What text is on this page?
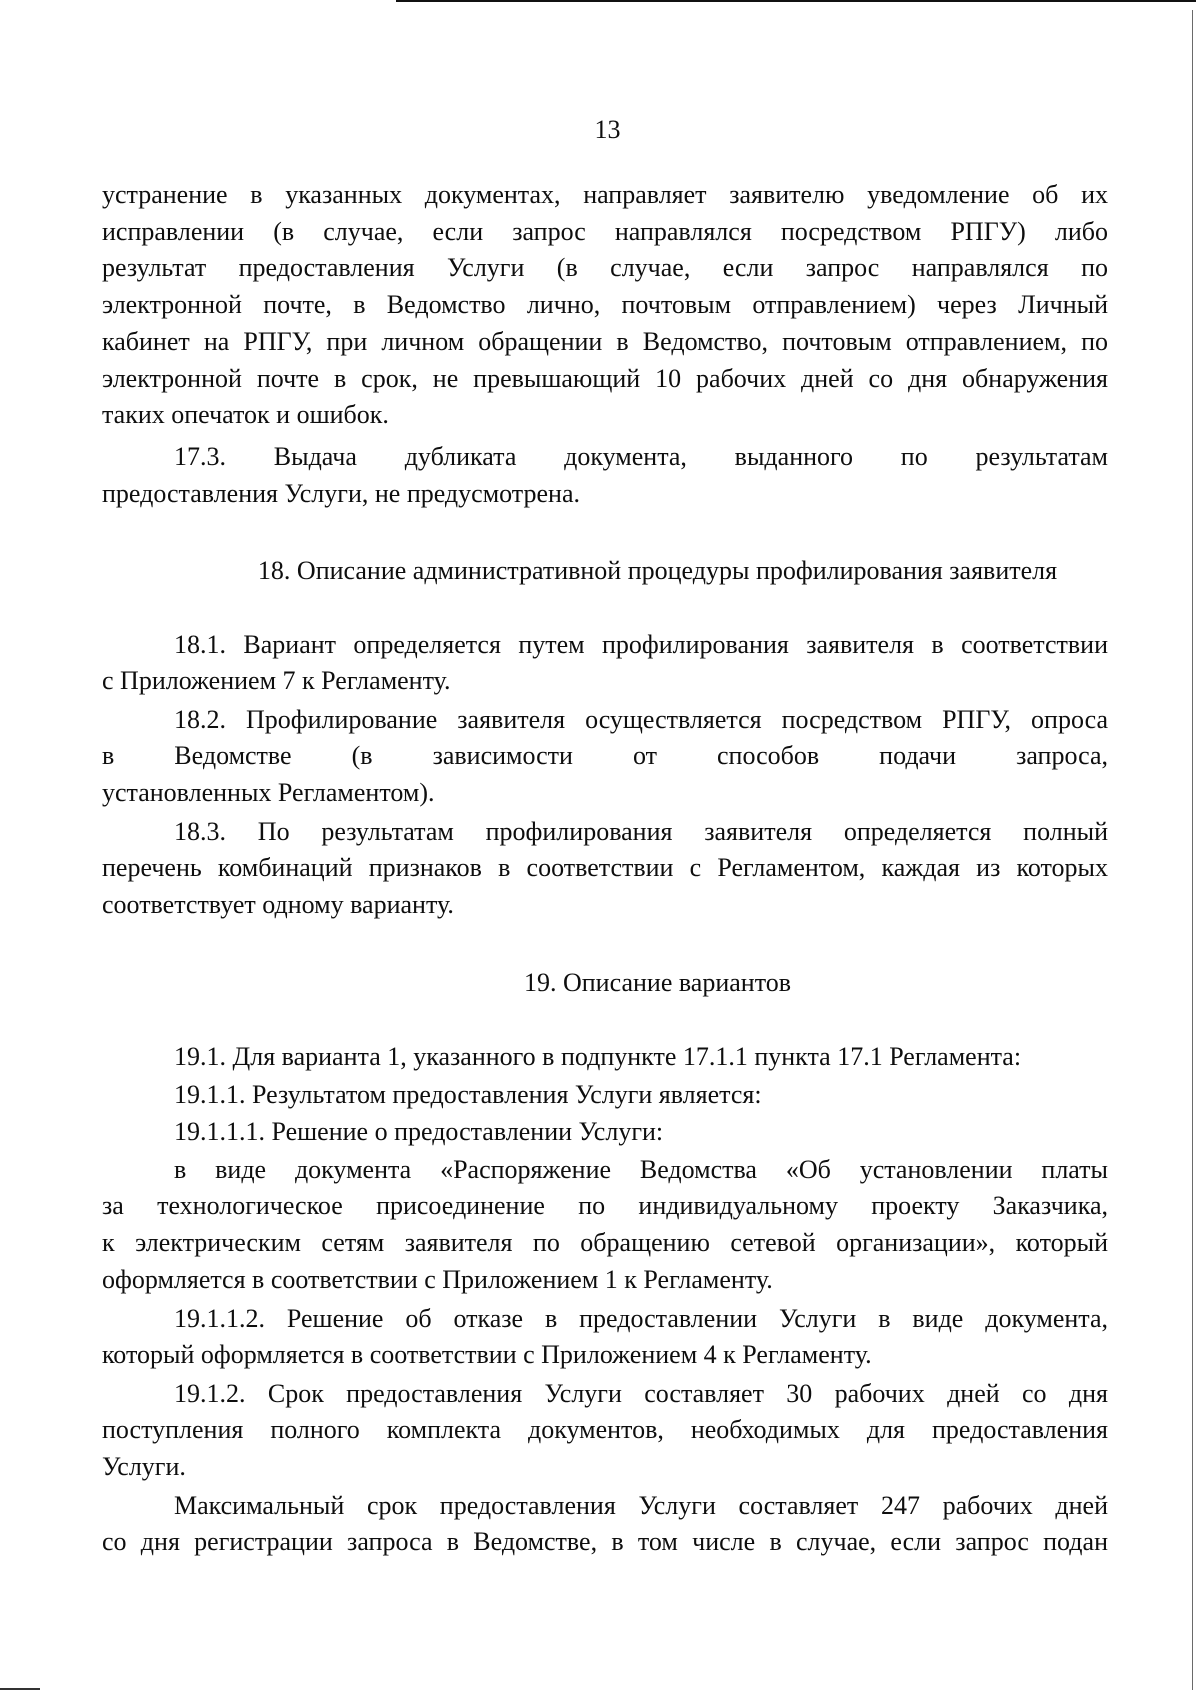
13
устранение в указанных документах, направляет заявителю уведомление об их
исправлении (в случае, если запрос направлялся посредством РПГУ) либо
результат предоставления Услуги (в случае, если запрос направлялся по
электронной почте, в Ведомство лично, почтовым отправлением) через Личный
кабинет на РПГУ, при личном обращении в Ведомство, почтовым отправлением, по
электронной почте в срок, не превышающий 10 рабочих дней со дня обнаружения
таких опечаток и ошибок.
17.3. Выдача дубликата документа, выданного по результатам
предоставления Услуги, не предусмотрена.
18. Описание административной процедуры профилирования заявителя
18.1. Вариант определяется путем профилирования заявителя в соответствии
с Приложением 7 к Регламенту.
18.2. Профилирование заявителя осуществляется посредством РПГУ, опроса
в Ведомстве (в зависимости от способов подачи запроса,
установленных Регламентом).
18.3. По результатам профилирования заявителя определяется полный
перечень комбинаций признаков в соответствии с Регламентом, каждая из которых
соответствует одному варианту.
19. Описание вариантов
19.1. Для варианта 1, указанного в подпункте 17.1.1 пункта 17.1 Регламента:
19.1.1. Результатом предоставления Услуги является:
19.1.1.1. Решение о предоставлении Услуги:
в виде документа «Распоряжение Ведомства «Об установлении платы
за технологическое присоединение по индивидуальному проекту Заказчика,
к электрическим сетям заявителя по обращению сетевой организации», который
оформляется в соответствии с Приложением 1 к Регламенту.
19.1.1.2. Решение об отказе в предоставлении Услуги в виде документа,
который оформляется в соответствии с Приложением 4 к Регламенту.
19.1.2. Срок предоставления Услуги составляет 30 рабочих дней со дня
поступления полного комплекта документов, необходимых для предоставления
Услуги.
Максимальный срок предоставления Услуги составляет 247 рабочих дней
со дня регистрации запроса в Ведомстве, в том числе в случае, если запрос подан
